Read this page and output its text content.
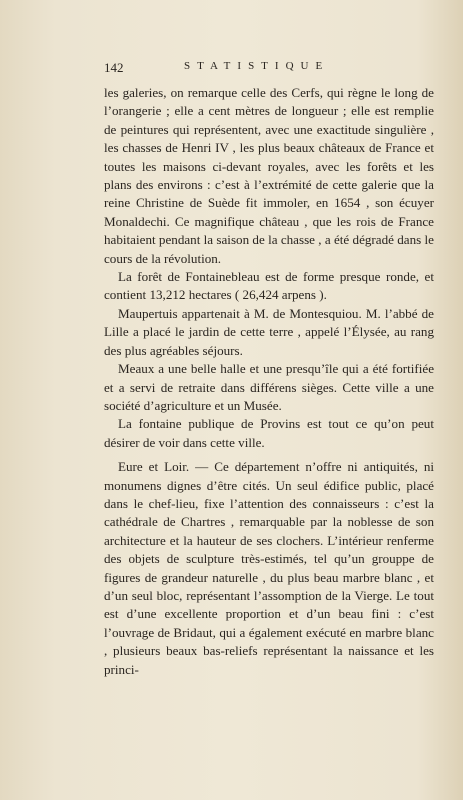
142	STATISTIQUE

les galeries, on remarque celle des Cerfs, qui règne le long de l’orangerie ; elle a cent mètres de longueur ; elle est remplie de peintures qui représentent, avec une exactitude singulière , les chasses de Henri IV , les plus beaux châteaux de France et toutes les maisons ci-devant royales, avec les forêts et les plans des environs : c’est à l’extrémité de cette galerie que la reine Christine de Suède fit immoler, en 1654 , son écuyer Monaldechi. Ce magnifique château , que les rois de France habitaient pendant la saison de la chasse , a été dégradé dans le cours de la révolution.

La forêt de Fontainebleau est de forme presque ronde, et contient 13,212 hectares ( 26,424 arpens ).

Maupertuis appartenait à M. de Montesquiou. M. l’abbé de Lille a placé le jardin de cette terre , appelé l’Élysée, au rang des plus agréables séjours.

Meaux a une belle halle et une presqu’île qui a été fortifiée et a servi de retraite dans différens sièges. Cette ville a une société d’agriculture et un Musée.

La fontaine publique de Provins est tout ce qu’on peut désirer de voir dans cette ville.

Eure et Loir. — Ce département n’offre ni antiquités, ni monumens dignes d’être cités. Un seul édifice public, placé dans le chef-lieu, fixe l’attention des connaisseurs : c’est la cathédrale de Chartres , remarquable par la noblesse de son architecture et la hauteur de ses clochers. L’intérieur renferme des objets de sculpture très-estimés, tel qu’un grouppe de figures de grandeur naturelle , du plus beau marbre blanc , et d’un seul bloc, représentant l’assomption de la Vierge. Le tout est d’une excellente proportion et d’un beau fini : c’est l’ouvrage de Bridaut, qui a également exécuté en marbre blanc , plusieurs beaux bas-reliefs représentant la naissance et les princi-
